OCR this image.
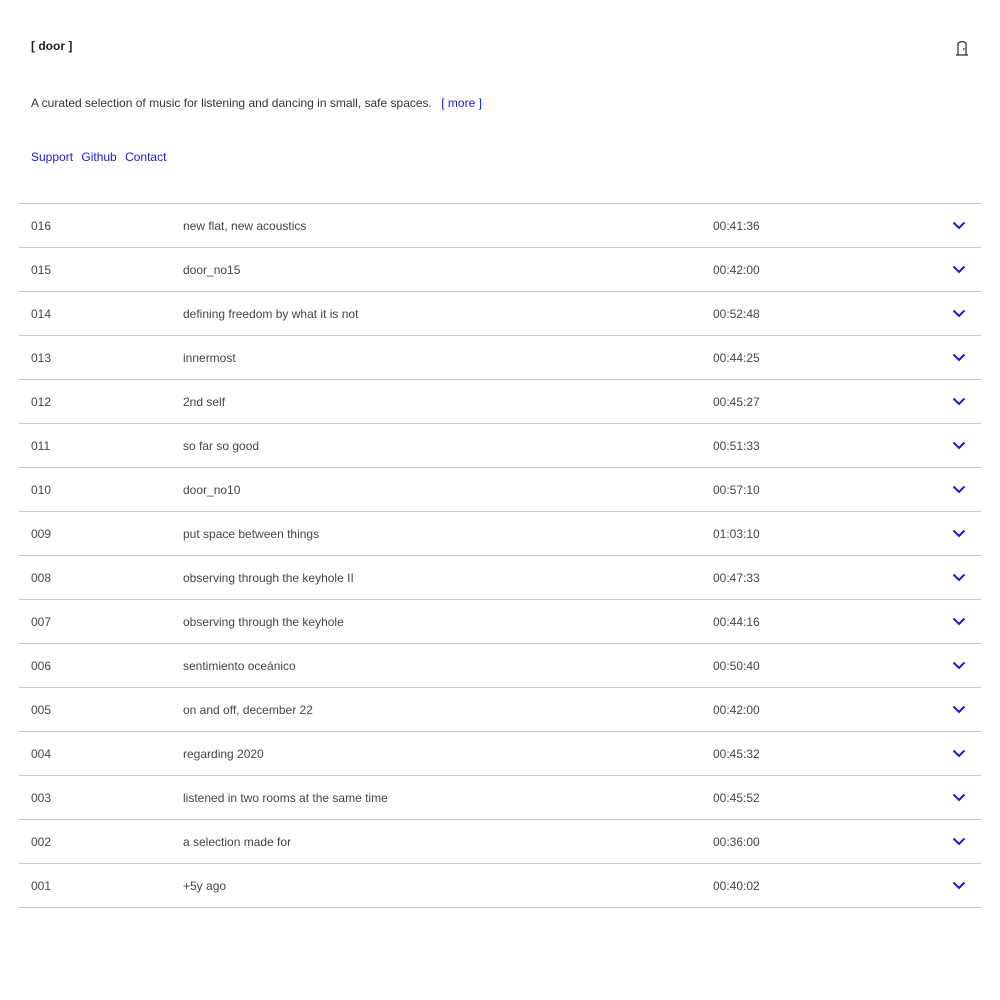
[ door ]
A curated selection of music for listening and dancing in small, safe spaces. [ more ]
Support Github Contact
016	new flat, new acoustics	00:41:36
015	door_no15	00:42:00
014	defining freedom by what it is not	00:52:48
013	innermost	00:44:25
012	2nd self	00:45:27
011	so far so good	00:51:33
010	door_no10	00:57:10
009	put space between things	01:03:10
008	observing through the keyhole II	00:47:33
007	observing through the keyhole	00:44:16
006	sentimiento oceánico	00:50:40
005	on and off, december 22	00:42:00
004	regarding 2020	00:45:32
003	listened in two rooms at the same time	00:45:52
002	a selection made for	00:36:00
001	+5y ago	00:40:02
